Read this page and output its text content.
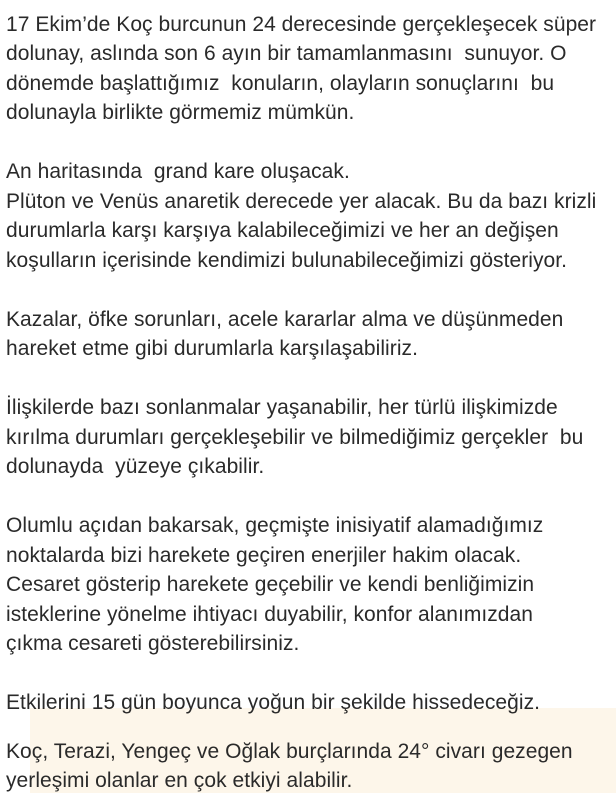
17 Ekim’de Koç burcunun 24 derecesinde gerçekleşecek süper
dolunay, aslında son 6 ayın bir tamamlanmasını  sunuyor. O
dönemde başlattığımız  konuların, olayların sonuçlarını  bu
dolunayla birlikte görmemiz mümkün.
An haritasında  grand kare oluşacak.
Plüton ve Venüs anaretik derecede yer alacak. Bu da bazı krizli
durumlarla karşı karşıya kalabileceğimizi ve her an değişen
koşulların içerisinde kendimizi bulunabileceğimizi gösteriyor.
Kazalar, öfke sorunları, acele kararlar alma ve düşünmeden
hareket etme gibi durumlarla karşılaşabiliriz.
İlişkilerde bazı sonlanmalar yaşanabilir, her türlü ilişkimizde
kırılma durumları gerçekleşebilir ve bilmediğimiz gerçekler  bu
dolunayda  yüzeye çıkabilir.
Olumlu açıdan bakarsak, geçmişte inisiyatif alamadığımız
noktalarda bizi harekete geçiren enerjiler hakim olacak.
Cesaret gösterip harekete geçebilir ve kendi benliğimizin
isteklerine yönelme ihtiyacı duyabilir, konfor alanımızdan
çıkma cesareti gösterebilirsiniz.
Etkilerini 15 gün boyunca yoğun bir şekilde hissedeceğiz.
Koç, Terazi, Yengeç ve Oğlak burçlarında 24° civarı gezegen
yerleşimi olanlar en çok etkiyi alabilir.
